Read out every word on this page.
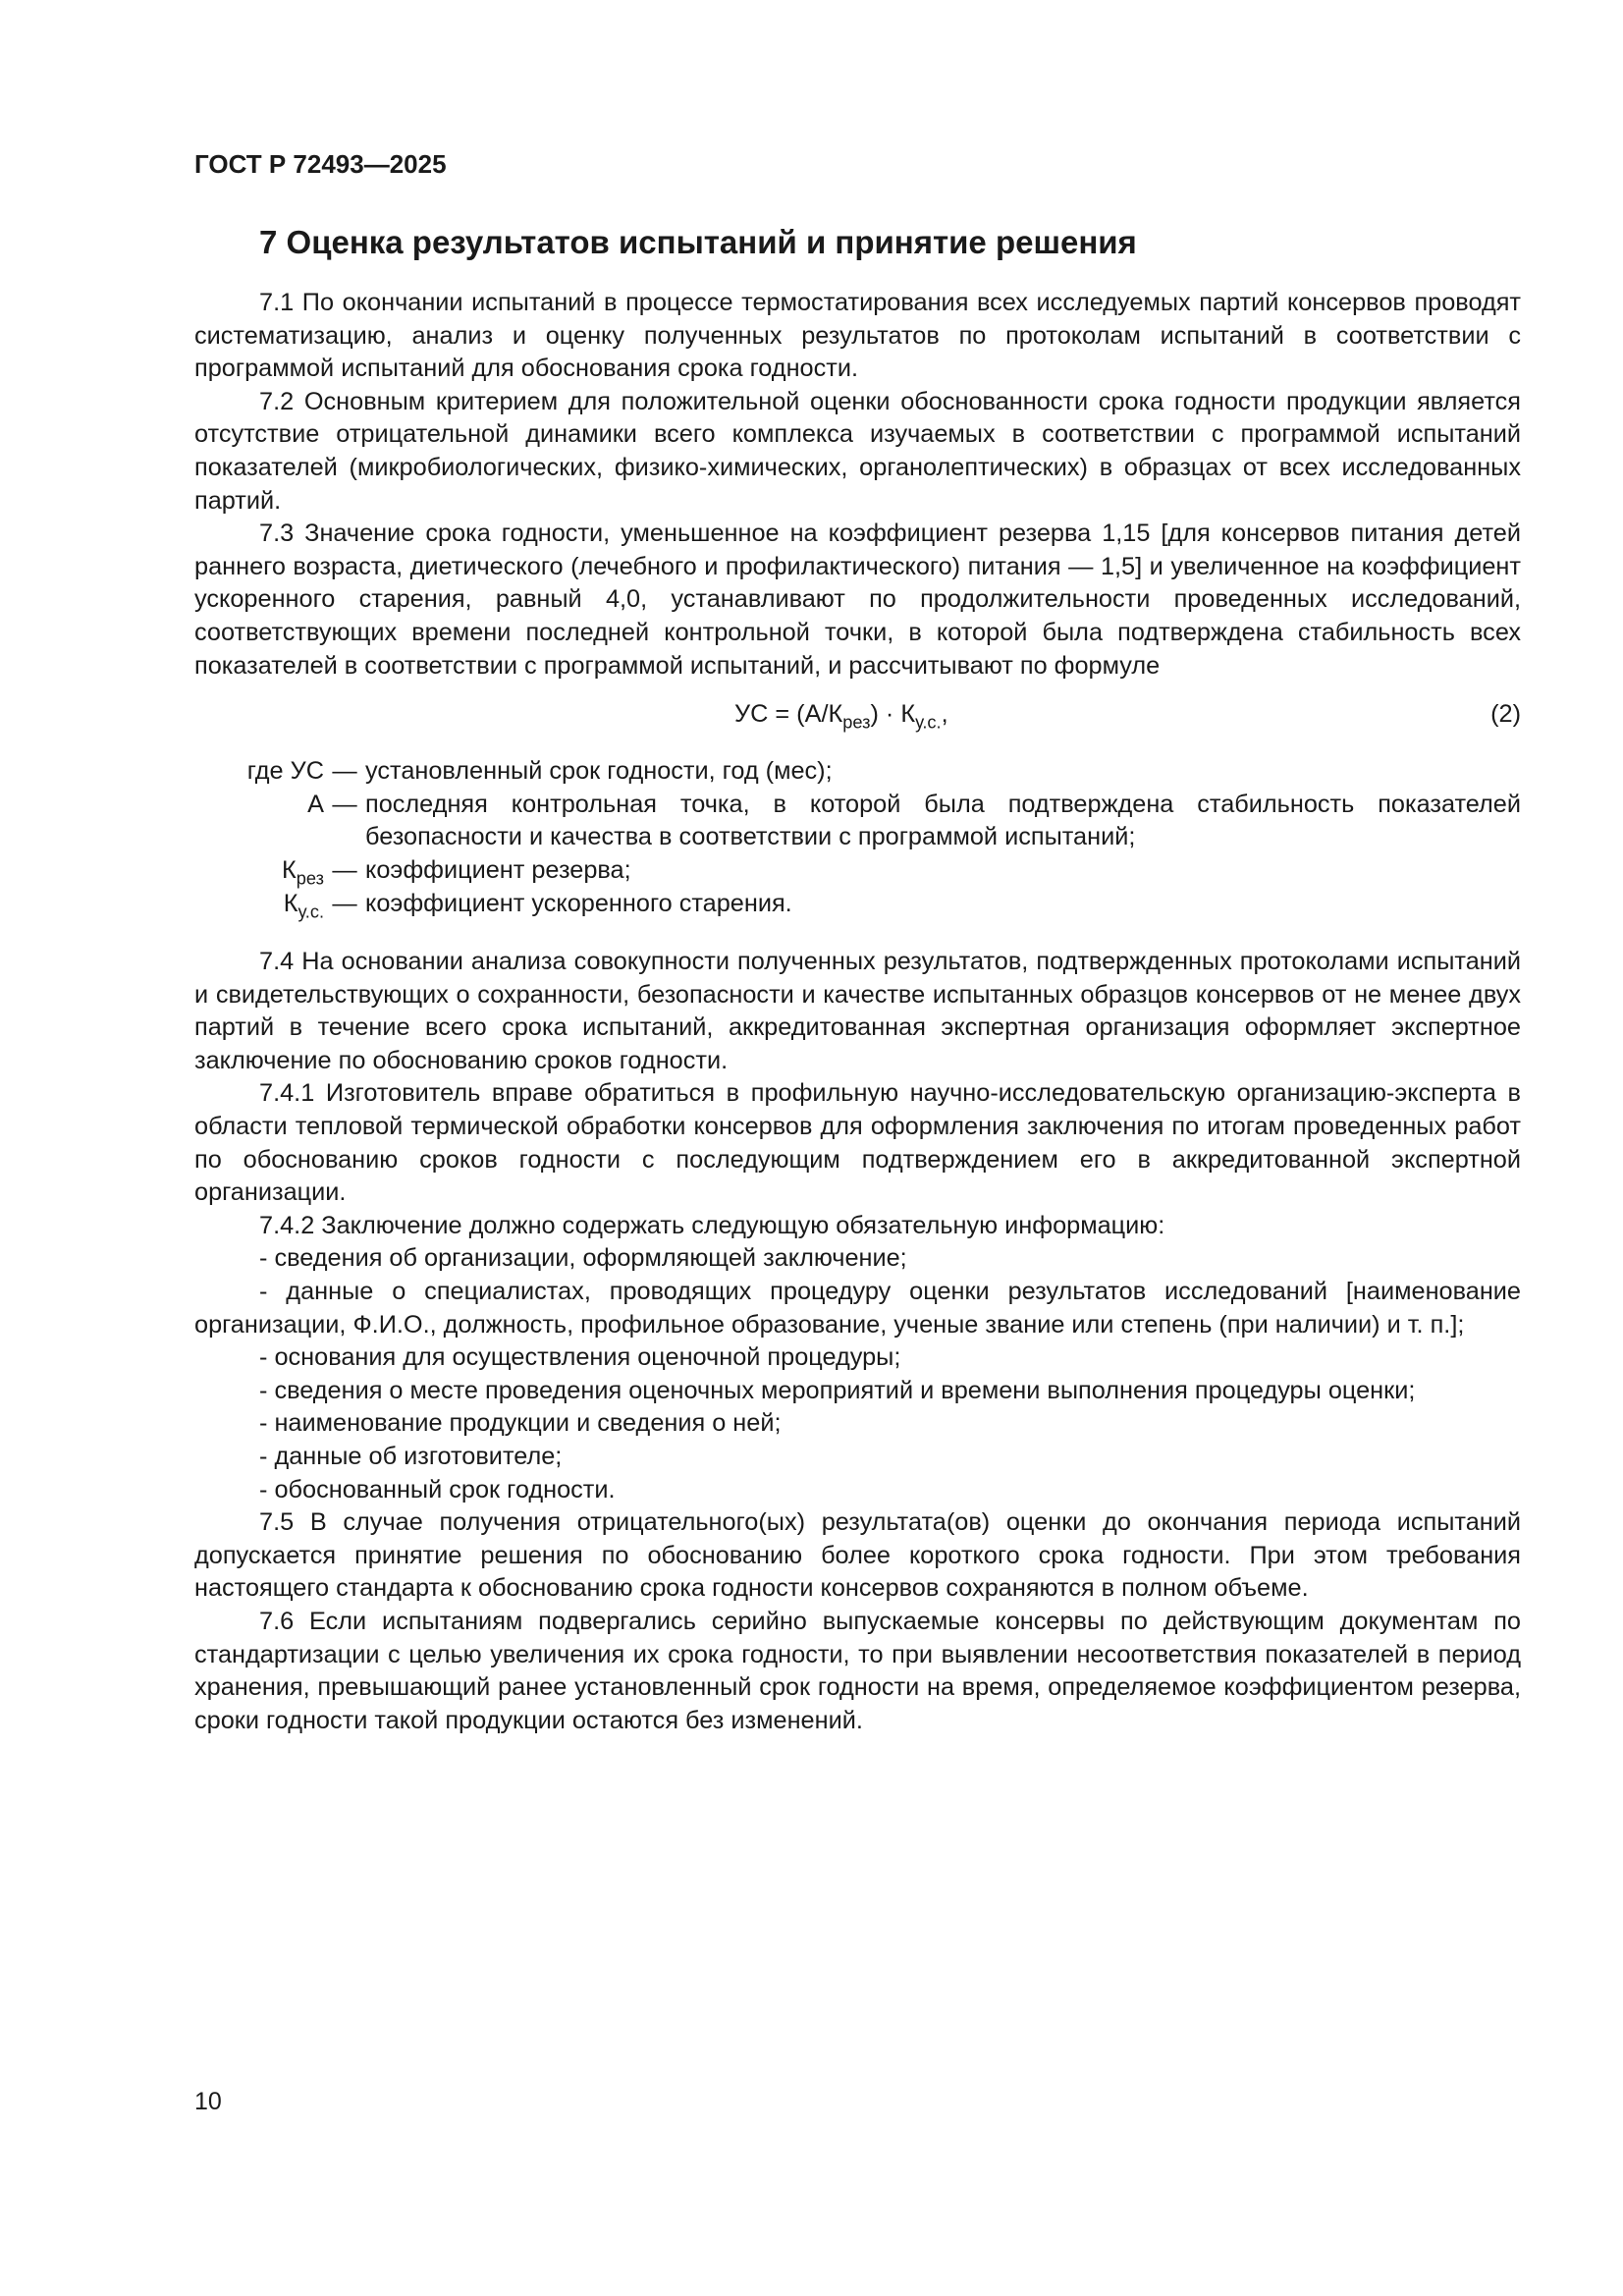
ГОСТ Р 72493—2025

7 Оценка результатов испытаний и принятие решения

7.1 По окончании испытаний в процессе термостатирования всех исследуемых партий консервов проводят систематизацию, анализ и оценку полученных результатов по протоколам испытаний в соответствии с программой испытаний для обоснования срока годности.

7.2 Основным критерием для положительной оценки обоснованности срока годности продукции является отсутствие отрицательной динамики всего комплекса изучаемых в соответствии с программой испытаний показателей (микробиологических, физико-химических, органолептических) в образцах от всех исследованных партий.

7.3 Значение срока годности, уменьшенное на коэффициент резерва 1,15 [для консервов питания детей раннего возраста, диетического (лечебного и профилактического) питания — 1,5] и увеличенное на коэффициент ускоренного старения, равный 4,0, устанавливают по продолжительности проведенных исследований, соответствующих времени последней контрольной точки, в которой была подтверждена стабильность всех показателей в соответствии с программой испытаний, и рассчитывают по формуле

УС = $(А/К_{рез}) \cdot К_{у.с.}$,	(2)
где УС — установленный срок годности, год (мес);
А — последняя контрольная точка, в которой была подтверждена стабильность показателей безопасности и качества в соответствии с программой испытаний;
$К_{рез}$ — коэффициент резерва;
$К_{у.с.}$ — коэффициент ускоренного старения.

7.4 На основании анализа совокупности полученных результатов, подтвержденных протоколами испытаний и свидетельствующих о сохранности, безопасности и качестве испытанных образцов консервов от не менее двух партий в течение всего срока испытаний, аккредитованная экспертная организация оформляет экспертное заключение по обоснованию сроков годности.

7.4.1 Изготовитель вправе обратиться в профильную научно-исследовательскую организацию-эксперта в области тепловой термической обработки консервов для оформления заключения по итогам проведенных работ по обоснованию сроков годности с последующим подтверждением его в аккредитованной экспертной организации.

7.4.2 Заключение должно содержать следующую обязательную информацию:

- сведения об организации, оформляющей заключение;

- данные о специалистах, проводящих процедуру оценки результатов исследований [наименование организации, Ф.И.О., должность, профильное образование, ученые звание или степень (при наличии) и т. п.];

- основания для осуществления оценочной процедуры;

- сведения о месте проведения оценочных мероприятий и времени выполнения процедуры оценки;

- наименование продукции и сведения о ней;

- данные об изготовителе;

- обоснованный срок годности.

7.5 В случае получения отрицательного(ых) результата(ов) оценки до окончания периода испытаний допускается принятие решения по обоснованию более короткого срока годности. При этом требования настоящего стандарта к обоснованию срока годности консервов сохраняются в полном объеме.

7.6 Если испытаниям подвергались серийно выпускаемые консервы по действующим документам по стандартизации с целью увеличения их срока годности, то при выявлении несоответствия показателей в период хранения, превышающий ранее установленный срок годности на время, определяемое коэффициентом резерва, сроки годности такой продукции остаются без изменений.

10
